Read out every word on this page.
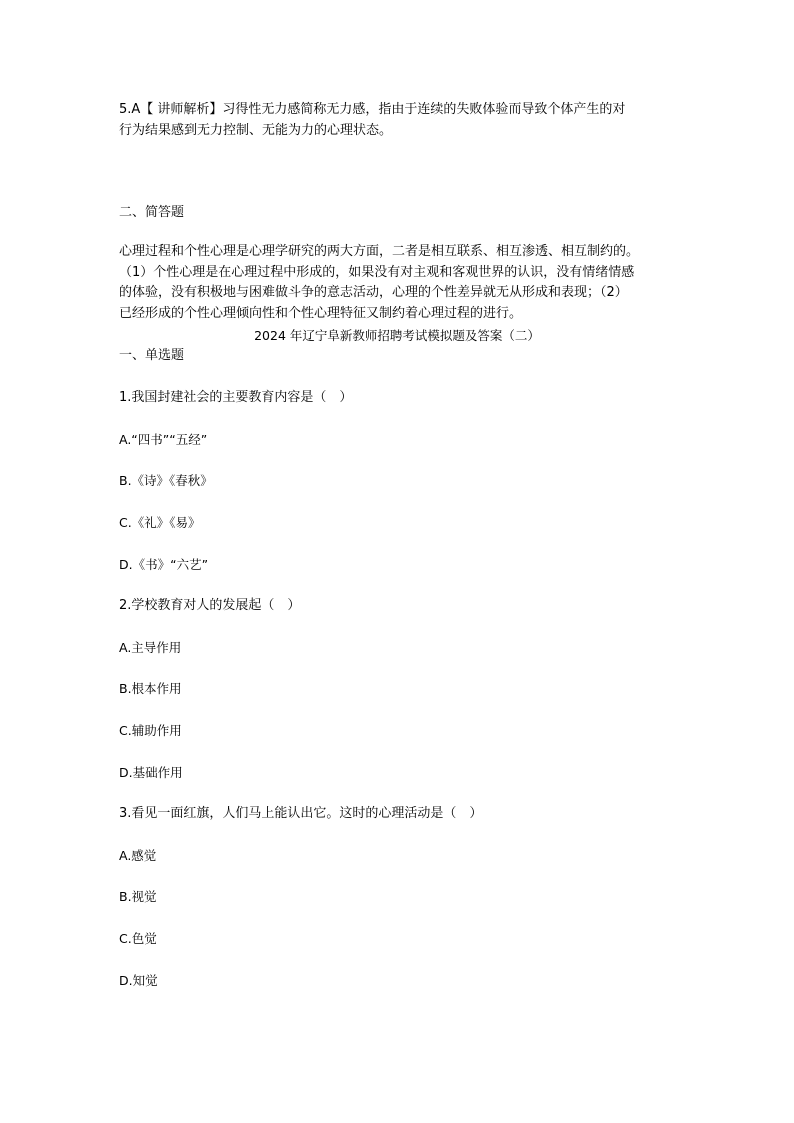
5.A【 讲师解析】习得性无力感简称无力感，指由于连续的失败体验而导致个体产生的对
行为结果感到无力控制、无能为力的心理状态。
二、简答题
心理过程和个性心理是心理学研究的两大方面，二者是相互联系、相互渗透、相互制约的。
（1）个性心理是在心理过程中形成的，如果没有对主观和客观世界的认识，没有情绪情感
的体验，没有积极地与困难做斗争的意志活动，心理的个性差异就无从形成和表现；（2）
已经形成的个性心理倾向性和个性心理特征又制约着心理过程的进行。
2024 年辽宁阜新教师招聘考试模拟题及答案（二）
一、单选题
1.我国封建社会的主要教育内容是（　）
A.“四书”“五经”
B.《诗》《春秋》
C.《礼》《易》
D.《书》“六艺”
2.学校教育对人的发展起（　）
A.主导作用
B.根本作用
C.辅助作用
D.基础作用
3.看见一面红旗，人们马上能认出它。这时的心理活动是（　）
A.感觉
B.视觉
C.色觉
D.知觉
